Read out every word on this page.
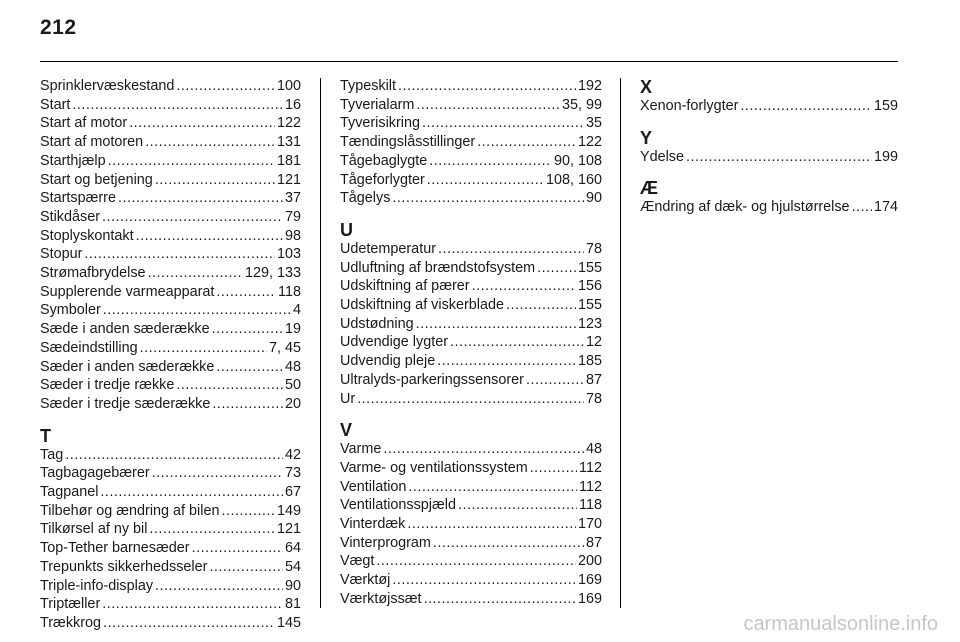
212
Sprinklervæskestand .....	100
Start .....	16
Start af motor .....	122
Start af motoren .....	131
Starthjælp .....	181
Start og betjening .....	121
Startspærre .....	37
Stikdåser .....	79
Stoplyskontakt .....	98
Stopur .....	103
Strømafbrydelse .....	129, 133
Supplerende varmeapparat .....	118
Symboler .....	4
Sæde i anden sæderække .....	19
Sædeindstilling .....	7, 45
Sæder i anden sæderække .....	48
Sæder i tredje række .....	50
Sæder i tredje sæderække .....	20
T
Tag .....	42
Tagbagagebærer .....	73
Tagpanel .....	67
Tilbehør og ændring af bilen .....	149
Tilkørsel af ny bil .....	121
Top-Tether barnesæder .....	64
Trepunkts sikkerhedsseler .....	54
Triple-info-display .....	90
Triptæller .....	81
Trækkrog .....	145
Typeskilt .....	192
Tyverialarm .....	35, 99
Tyverisikring .....	35
Tændingslåsstillinger .....	122
Tågebaglygte .....	90, 108
Tågeforlygter .....	108, 160
Tågelys .....	90
U
Udetemperatur .....	78
Udluftning af brændstofsystem .....	155
Udskiftning af pærer .....	156
Udskiftning af viskerblade .....	155
Udstødning .....	123
Udvendige lygter .....	12
Udvendig pleje .....	185
Ultralyds-parkeringssensorer .....	87
Ur .....	78
V
Varme .....	48
Varme- og ventilationssystem .....	112
Ventilation .....	112
Ventilationsspjæld .....	118
Vinterdæk .....	170
Vinterprogram .....	87
Vægt .....	200
Værktøj .....	169
Værktøjssæt .....	169
X
Xenon-forlygter .....	159
Y
Ydelse .....	199
Æ
Ændring af dæk- og hjulstørrelse ..... 174
carmanualsonline.info
